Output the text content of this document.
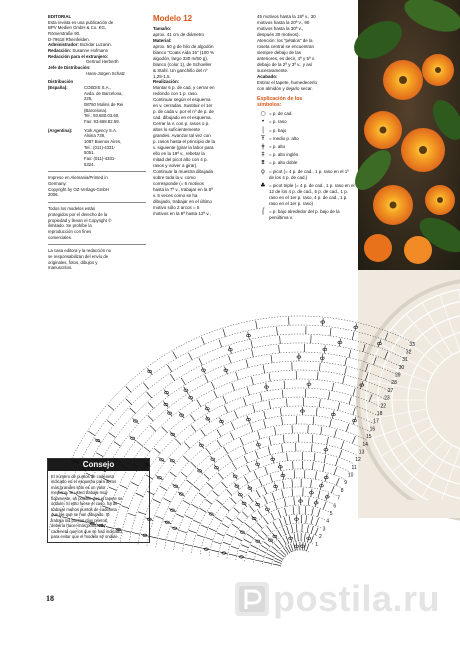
EDITORIAL
Esta revista es una publicación de
BPV Medien GmbH & Co. KG,
Römerstraße 90,
D-79618 Rheinfelden.
Administrador: Bozidar Luzanin.
Redacción: Susanne Hofmann
Redacción para el extranjero:
Gertrud Herberth
Jefe de Distribución:
Hans-Jürgen Schatz
Distribución
(España):	COEDIS S.A.,
Avda. de Barcelona,
225,
08750 Molins de Rei
(Barcelona).
Tel.: 93.680.03.60.
Fax: 93.668.82.59.
(Argentina):	York Agency S.A.
Alsina 739,
1087 Buenos Aires,
Tel.: (011)-4331-
5051.
Fax: (011)-4331-
5324.
Impreso en Alemania/Printed in
Germany.
Copyright by OZ-Verlags-GmbH
2006.
Todos los modelos están
protegidos por el derecho de la
propiedad y llevan el Copyright ©
ilimitado. Se prohíbe la
reproducción con fines
comerciales.
La casa editora y la redacción no
se responsabilizan del envío de
originales, fotos, dibujos y
manuscritos.
Consejo
El número de puntos de cadeneta
indicado en el esquema para arcos
más grandes sólo es un valor
mediano. Si usted trabaja muy
flojamente, es posible que el tapete se
ondule. Si esto fuese el caso, ha de
trabajar menos puntos de cadeneta
que los que se han dibujado. Si
trabaja los puntos muy prietos,
debería hacer más puntos de
cadeneta que los que se han indicado,
para evitar que el modelo se ondule.
18
Modelo 12
Tamaño:
aprox. 41 cm de diámetro
Material:
aprox. 50 g de hilo de algodón
blanco “Coats Aida 15” (100 %
algodón, largo 330 m/50 g),
blanco (color 1), de Schoeller
& Stahl. Un ganchillo del nº
1,25-1,5.
Realización:
Montar 6 p. de cad. y cerrar en
redondo con 1 p. raso.
Continuar según el esquema
en v. cerradas. Sustituir el 1er
p. de cada v. por el nº de p. de
cad. dibujado en el esquema.
Cerrar la v. con p. rasos o p.
altos lo suficientemente
grandes. Avanzar tal vez con
p. rasos hasta el principio de la
v. siguiente (girar la labor para
ello en la 19ª v., rebetar la
mitad del picot alto con 4 p.
rasos y volver a girar).
Continuar la muestra dibujada
sobre toda la v. como
corresponde (= 6 motivos
hasta la 7ª v., trabajar en la 8ª
v. 5 veces como se ha
dibujado, trabajar en el último
motivo sólo 2 arcos = 5
motivos en la 8ª hasta 12ª v.,
45 motivos hasta la 18ª v., 30
motivos hasta la 20ª v., 90
motivos hasta la 30ª v.,
después 30 motivos).
Atención: los “pétalos” de la
roseta central se encuentran
siempre debajo de las
anteriores, es decir, 4ª y 5ª v.
debajo de la 2ª y 3ª v., y así
sucesivamente.
Acabado:
Estirar el tapete, humedecerlo
con almidón y dejarlo secar.
Explicación de los
símbolos:
○ = p. de cad.
• = p. raso
│ = p. bajo
Ŧ = medio p. alto
ǂ	= p. alto
‡	= p. alto inglés
⩩ = p. alto doble
ϙ = picot (= 4 p. de cad., 1 p. raso en el 1º de los 4 p. de cad.)
♣ = picot triple (= 4 p. de cad., 1 p. raso en el 12 de los 4 p. de cad., 5 p. de cad., 1 p. raso en el 1er p. raso, 4 p. de cad., 1 p. raso en el 1er p. raso)
⌠ = p. bajo alrededor del p. bajo de la penúltima v.
33
32
31
30
29
28
27
23
22
18
17
16
15
14
13
12
11
10
9
8
7
6
5
4
3
2
1
postila.ru
